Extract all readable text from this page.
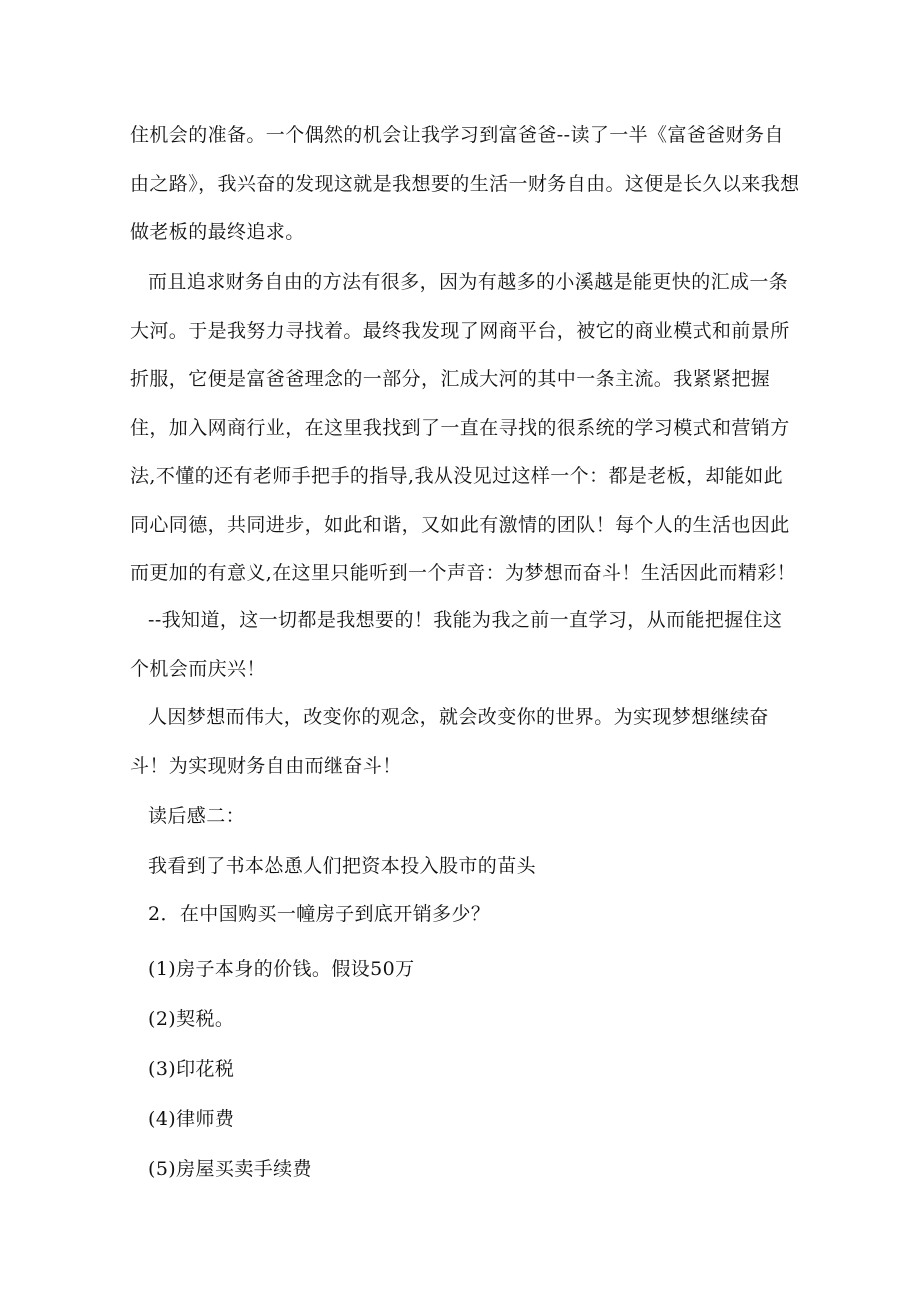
住机会的准备。一个偶然的机会让我学习到富爸爸--读了一半《富爸爸财务自由之路》，我兴奋的发现这就是我想要的生活一财务自由。这便是长久以来我想做老板的最终追求。

而且追求财务自由的方法有很多，因为有越多的小溪越是能更快的汇成一条大河。于是我努力寻找着。最终我发现了网商平台，被它的商业模式和前景所折服，它便是富爸爸理念的一部分，汇成大河的其中一条主流。我紧紧把握住，加入网商行业，在这里我找到了一直在寻找的很系统的学习模式和营销方法,不懂的还有老师手把手的指导,我从没见过这样一个：都是老板，却能如此同心同德，共同进步，如此和谐，又如此有激情的团队！每个人的生活也因此而更加的有意义,在这里只能听到一个声音：为梦想而奋斗！生活因此而精彩！

--我知道，这一切都是我想要的！我能为我之前一直学习，从而能把握住这个机会而庆兴！

人因梦想而伟大，改变你的观念，就会改变你的世界。为实现梦想继续奋斗！为实现财务自由而继奋斗！

读后感二：
我看到了书本怂恿人们把资本投入股市的苗头
2．在中国购买一幢房子到底开销多少？
(1)房子本身的价钱。假设50万
(2)契税。
(3)印花税
(4)律师费
(5)房屋买卖手续费
